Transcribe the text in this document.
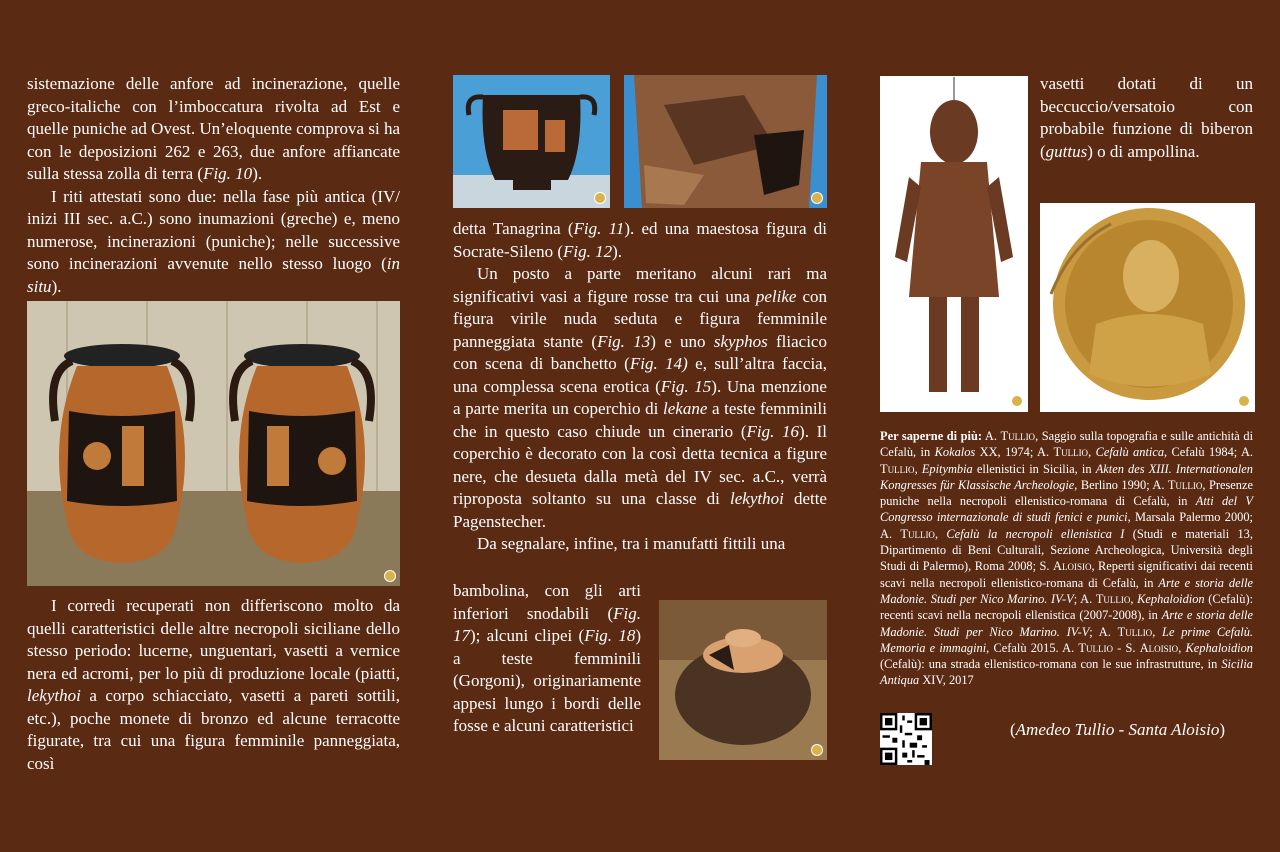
sistemazione delle anfore ad incinerazione, quelle greco-italiche con l’imboccatura rivolta ad Est e quelle puniche ad Ovest. Un’eloquente comprova si ha con le deposizioni 262 e 263, due anfore affiancate sulla stessa zolla di terra (Fig. 10).

I riti attestati sono due: nella fase più antica (IV/ inizi III sec. a.C.) sono inumazioni (greche) e, meno numerose, incinerazioni (puniche); nelle successive sono incinerazioni avvenute nello stesso luogo (in situ).

I corredi recuperati non differiscono molto da quelli caratteristici delle altre necropoli siciliane dello stesso periodo: lucerne, unguentari, vasetti a vernice nera ed acromi, per lo più di produzione locale (piatti, lekythoi a corpo schiacciato, vasetti a pareti sottili, etc.), poche monete di bronzo ed alcune terracotte figurate, tra cui una figura femminile panneggiata, così

detta Tanagrina (Fig. 11). ed una maestosa figura di Socrate-Sileno (Fig. 12).

Un posto a parte meritano alcuni rari ma significativi vasi a figure rosse tra cui una pelike con figura virile nuda seduta e figura femminile panneggiata stante (Fig. 13) e uno skyphos fliacico con scena di banchetto (Fig. 14) e, sull’altra faccia, una complessa scena erotica (Fig. 15). Una menzione a parte merita un coperchio di lekane a teste femminili che in questo caso chiude un cinerario (Fig. 16). Il coperchio è decorato con la così detta tecnica a figure nere, che desueta dalla metà del IV sec. a.C., verrà riproposta soltanto su una classe di lekythoi dette Pagenstecher.

Da segnalare, infine, tra i manufatti fittili una

bambolina, con gli arti inferiori snodabili (Fig. 17); alcuni clipei (Fig. 18) a teste femminili (Gorgoni), originariamente appesi lungo i bordi delle fosse e alcuni caratteristici

vasetti dotati di un beccuccio/versatoio con probabile funzione di biberon (guttus) o di ampollina.

Per saperne di più: A. Tullio, Saggio sulla topografia e sulle antichità di Cefalù, in Kokalos XX, 1974; A. Tullio, Cefalù antica, Cefalù 1984; A. Tullio, Epitymbia ellenistici in Sicilia, in Akten des XIII. Internationalen Kongresses für Klassische Archeologie, Berlino 1990; A. Tullio, Presenze puniche nella necropoli ellenistico-romana di Cefalù, in Atti del V Congresso internazionale di studi fenici e punici, Marsala Palermo 2000; A. Tullio, Cefalù la necropoli ellenistica I (Studi e materiali 13, Dipartimento di Beni Culturali, Sezione Archeologica, Università degli Studi di Palermo), Roma 2008; S. Aloisio, Reperti significativi dai recenti scavi nella necropoli ellenistico-romana di Cefalù, in Arte e storia delle Madonie. Studi per Nico Marino. IV-V; A. Tullio, Kephaloidion (Cefalù): recenti scavi nella necropoli ellenistica (2007-2008), in Arte e storia delle Madonie. Studi per Nico Marino. IV-V; A. Tullio, Le prime Cefalù. Memoria e immagini, Cefalù 2015. A. Tullio - S. Aloisio, Kephaloidion (Cefalù): una strada ellenistico-romana con le sue infrastrutture, in Sicilia Antiqua XIV, 2017
(Amedeo Tullio - Santa Aloisio)
